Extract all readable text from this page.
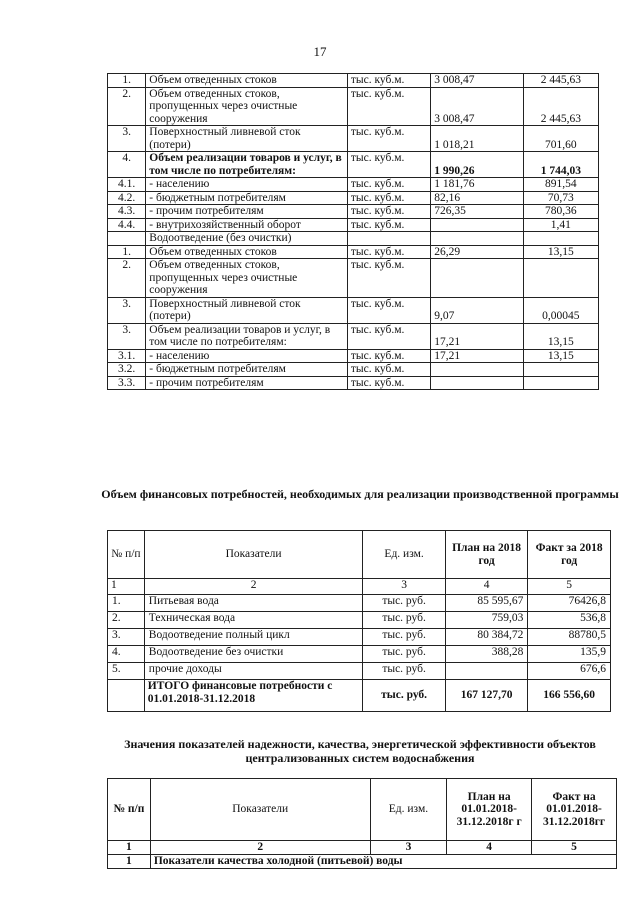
17
1.	Объем отведенных стоков	тыс. куб.м.	3 008,47	2 445,63
2.	Объем отведенных стоков, пропущенных через очистные сооружения	тыс. куб.м.	3 008,47	2 445,63
3.	Поверхностный ливневой сток (потери)	тыс. куб.м.	1 018,21	701,60
4.	Объем реализации товаров и услуг, в том числе по потребителям:	тыс. куб.м.	1 990,26	1 744,03
4.1.	- населению	тыс. куб.м.	1 181,76	891,54
4.2.	- бюджетным потребителям	тыс. куб.м.	82,16	70,73
4.3.	- прочим потребителям	тыс. куб.м.	726,35	780,36
4.4.	- внутрихозяйственный оборот	тыс. куб.м.		1,41
	Водоотведение (без очистки)			
1.	Объем отведенных стоков	тыс. куб.м.	26,29	13,15
2.	Объем отведенных стоков, пропущенных через очистные сооружения	тыс. куб.м.		
3.	Поверхностный ливневой сток (потери)	тыс. куб.м.	9,07	0,00045
3.	Объем реализации товаров и услуг, в том числе по потребителям:	тыс. куб.м.	17,21	13,15
3.1.	- населению	тыс. куб.м.	17,21	13,15
3.2.	- бюджетным потребителям	тыс. куб.м.		
3.3.	- прочим потребителям	тыс. куб.м.		
Объем финансовых потребностей, необходимых для реализации производственной программы
№ п/п	Показатели	Ед. изм.	План на 2018 год	Факт за 2018 год
1	2	3	4	5
1.	Питьевая вода	тыс. руб.	85 595,67	76426,8
2.	Техническая вода	тыс. руб.	759,03	536,8
3.	Водоотведение полный цикл	тыс. руб.	80 384,72	88780,5
4.	Водоотведение без очистки	тыс. руб.	388,28	135,9
5.	прочие доходы	тыс. руб.		676,6
	ИТОГО финансовые потребности с 01.01.2018-31.12.2018	тыс. руб.	167 127,70	166 556,60
Значения показателей надежности, качества, энергетической эффективности объектов централизованных систем водоснабжения
№ п/п	Показатели	Ед. изм.	План на 01.01.2018-31.12.2018г г	Факт на 01.01.2018-31.12.2018гг
1	2	3	4	5
1	Показатели качества холодной (питьевой) воды			
